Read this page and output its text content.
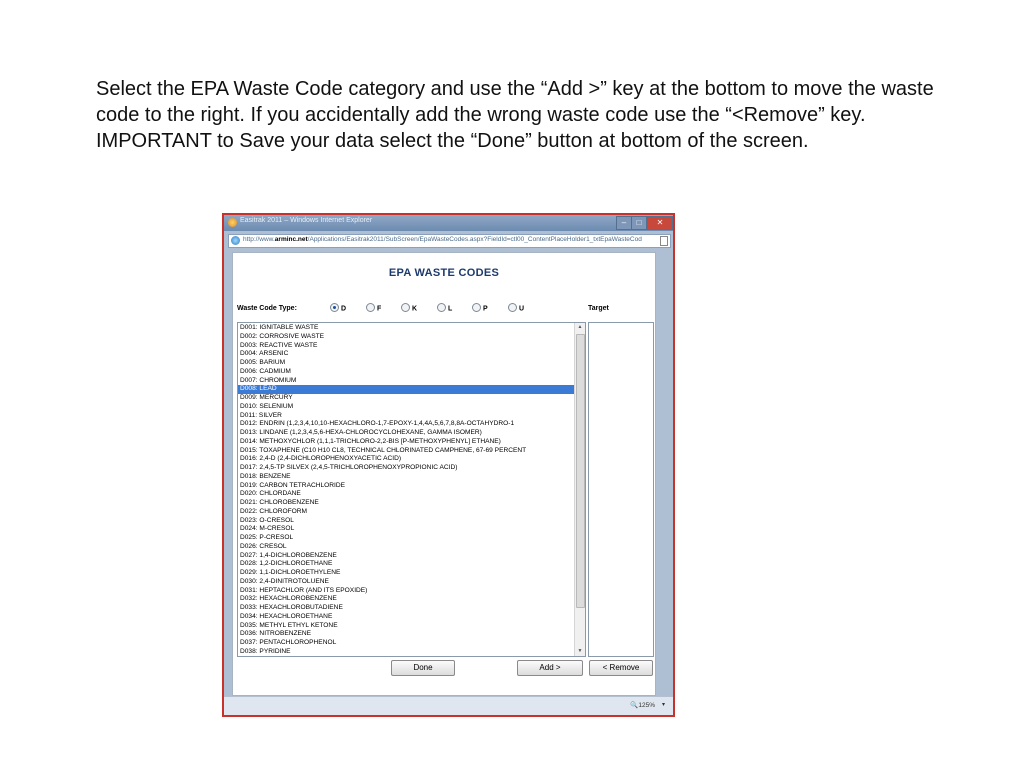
Select the EPA Waste Code category and use the “Add >” key at the bottom to move the waste code to the right. If you accidentally add the wrong waste code use the “<Remove” key. IMPORTANT to Save your data select the “Done” button at bottom of the screen.
Easitrak 2011 – Windows Internet Explorer	–	□	✕
http://www.arminc.net/Applications/Easitrak2011/SubScreen/EpaWasteCodes.aspx?FieldId=ctl00_ContentPlaceHolder1_txtEpaWasteCod
EPA WASTE CODES
Waste Code Type:	D	F	K	L	P	U	Target
D001: IGNITABLE WASTE
D002: CORROSIVE WASTE
D003: REACTIVE WASTE
D004: ARSENIC
D005: BARIUM
D006: CADMIUM
D007: CHROMIUM
D008: LEAD
D009: MERCURY
D010: SELENIUM
D011: SILVER
D012: ENDRIN (1,2,3,4,10,10-HEXACHLORO-1,7-EPOXY-1,4,4A,5,6,7,8,8A-OCTAHYDRO-1
D013: LINDANE (1,2,3,4,5,6-HEXA-CHLOROCYCLOHEXANE, GAMMA ISOMER)
D014: METHOXYCHLOR (1,1,1-TRICHLORO-2,2-BIS [P-METHOXYPHENYL] ETHANE)
D015: TOXAPHENE (C10 H10 CL8, TECHNICAL CHLORINATED CAMPHENE, 67-69 PERCENT
D016: 2,4-D (2,4-DICHLOROPHENOXYACETIC ACID)
D017: 2,4,5-TP SILVEX (2,4,5-TRICHLOROPHENOXYPROPIONIC ACID)
D018: BENZENE
D019: CARBON TETRACHLORIDE
D020: CHLORDANE
D021: CHLOROBENZENE
D022: CHLOROFORM
D023: O-CRESOL
D024: M-CRESOL
D025: P-CRESOL
D026: CRESOL
D027: 1,4-DICHLOROBENZENE
D028: 1,2-DICHLOROETHANE
D029: 1,1-DICHLOROETHYLENE
D030: 2,4-DINITROTOLUENE
D031: HEPTACHLOR (AND ITS EPOXIDE)
D032: HEXACHLOROBENZENE
D033: HEXACHLOROBUTADIENE
D034: HEXACHLOROETHANE
D035: METHYL ETHYL KETONE
D036: NITROBENZENE
D037: PENTACHLOROPHENOL
D038: PYRIDINE
▲
▼
Done	Add >	< Remove
🔍125% ▾
